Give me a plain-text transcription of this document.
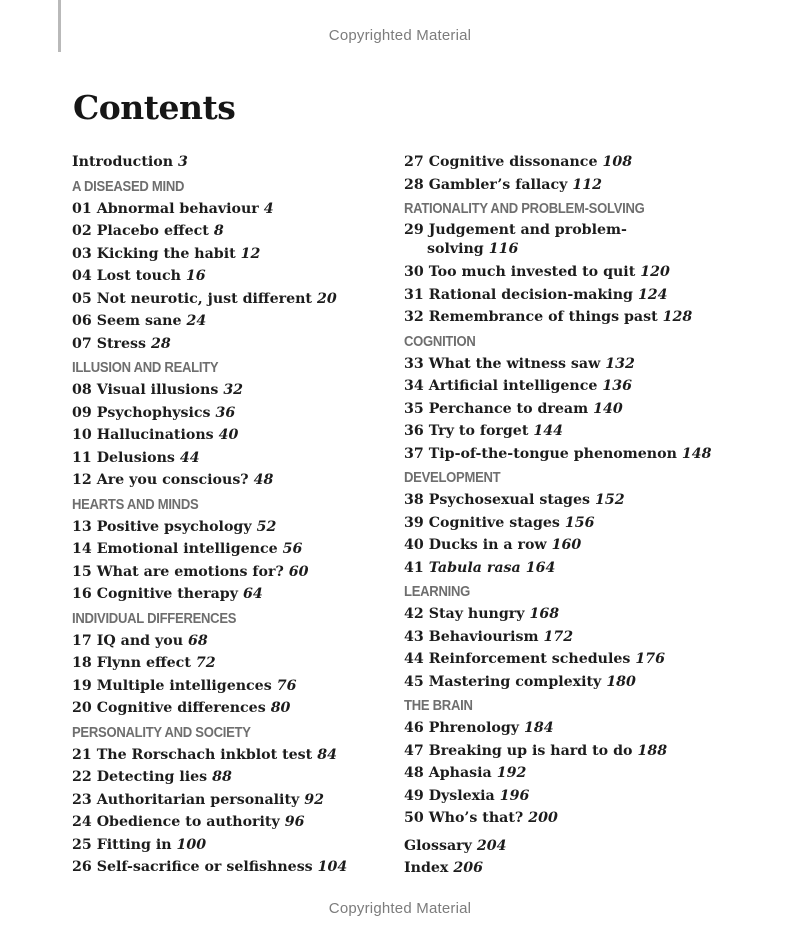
Copyrighted Material
Contents
Introduction 3
A DISEASED MIND
01 Abnormal behaviour 4
02 Placebo effect 8
03 Kicking the habit 12
04 Lost touch 16
05 Not neurotic, just different 20
06 Seem sane 24
07 Stress 28
ILLUSION AND REALITY
08 Visual illusions 32
09 Psychophysics 36
10 Hallucinations 40
11 Delusions 44
12 Are you conscious? 48
HEARTS AND MINDS
13 Positive psychology 52
14 Emotional intelligence 56
15 What are emotions for? 60
16 Cognitive therapy 64
INDIVIDUAL DIFFERENCES
17 IQ and you 68
18 Flynn effect 72
19 Multiple intelligences 76
20 Cognitive differences 80
PERSONALITY AND SOCIETY
21 The Rorschach inkblot test 84
22 Detecting lies 88
23 Authoritarian personality 92
24 Obedience to authority 96
25 Fitting in 100
26 Self-sacrifice or selfishness 104
27 Cognitive dissonance 108
28 Gambler’s fallacy 112
RATIONALITY AND PROBLEM-SOLVING
29 Judgement and problem-
solving 116
30 Too much invested to quit 120
31 Rational decision-making 124
32 Remembrance of things past 128
COGNITION
33 What the witness saw 132
34 Artificial intelligence 136
35 Perchance to dream 140
36 Try to forget 144
37 Tip-of-the-tongue phenomenon 148
DEVELOPMENT
38 Psychosexual stages 152
39 Cognitive stages 156
40 Ducks in a row 160
41 Tabula rasa 164
LEARNING
42 Stay hungry 168
43 Behaviourism 172
44 Reinforcement schedules 176
45 Mastering complexity 180
THE BRAIN
46 Phrenology 184
47 Breaking up is hard to do 188
48 Aphasia 192
49 Dyslexia 196
50 Who’s that? 200
Glossary 204
Index 206
Copyrighted Material
